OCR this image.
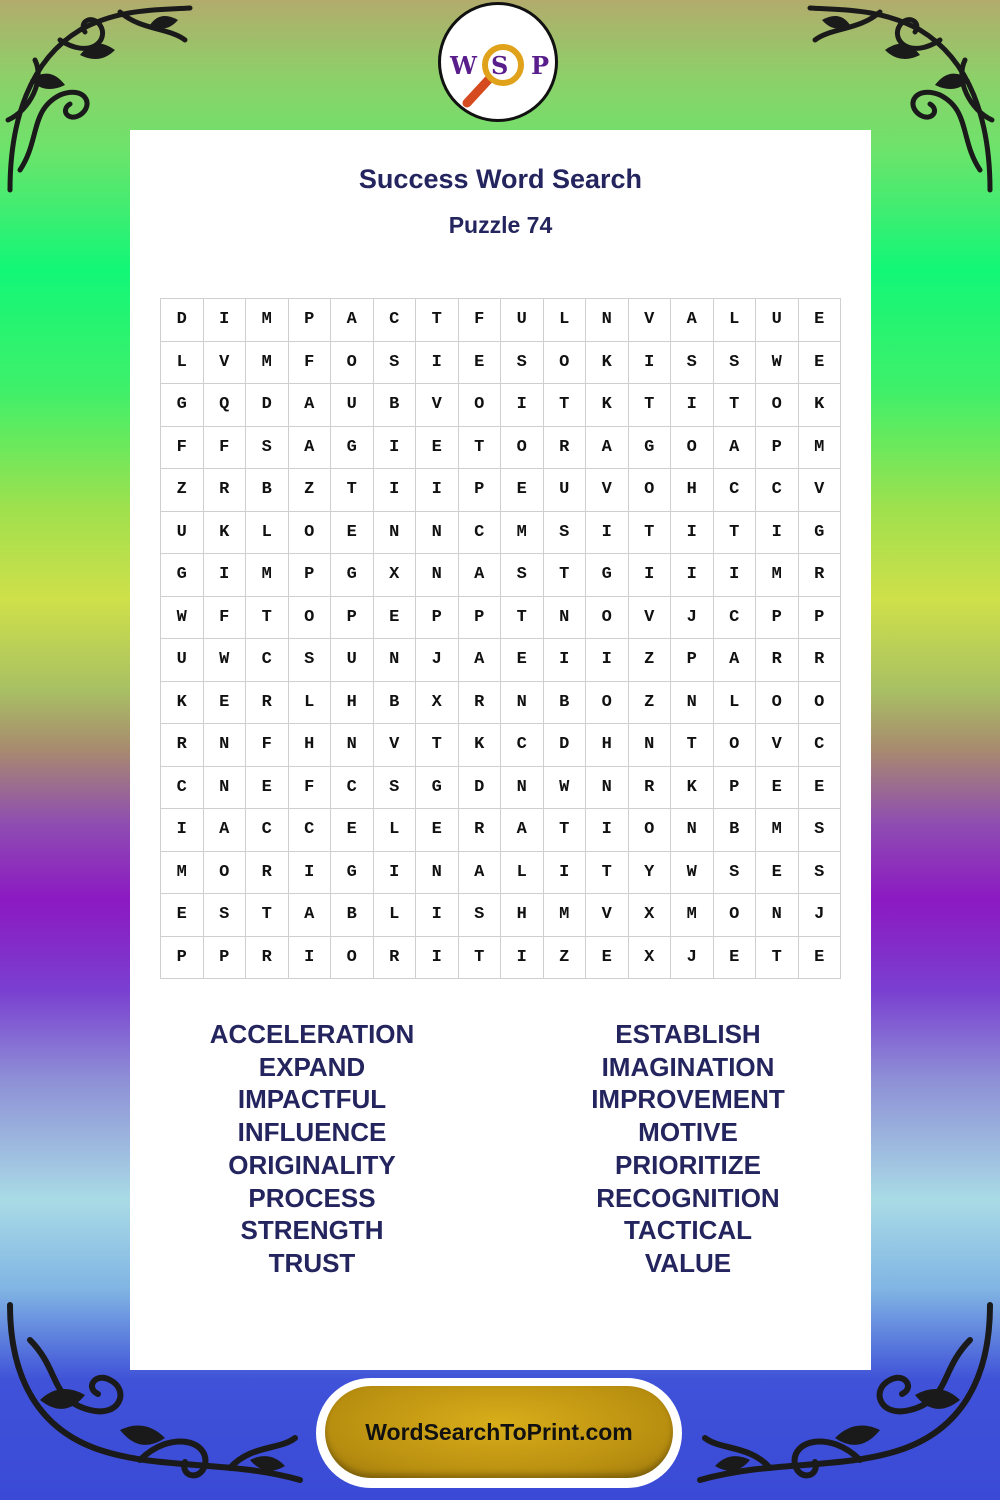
W S P
Success Word Search
Puzzle 74
D	I	M	P	A	C	T	F	U	L	N	V	A	L	U	E
L	V	M	F	O	S	I	E	S	O	K	I	S	S	W	E
G	Q	D	A	U	B	V	O	I	T	K	T	I	T	O	K
F	F	S	A	G	I	E	T	O	R	A	G	O	A	P	M
Z	R	B	Z	T	I	I	P	E	U	V	O	H	C	C	V
U	K	L	O	E	N	N	C	M	S	I	T	I	T	I	G
G	I	M	P	G	X	N	A	S	T	G	I	I	I	M	R
W	F	T	O	P	E	P	P	T	N	O	V	J	C	P	P
U	W	C	S	U	N	J	A	E	I	I	Z	P	A	R	R
K	E	R	L	H	B	X	R	N	B	O	Z	N	L	O	O
R	N	F	H	N	V	T	K	C	D	H	N	T	O	V	C
C	N	E	F	C	S	G	D	N	W	N	R	K	P	E	E
I	A	C	C	E	L	E	R	A	T	I	O	N	B	M	S
M	O	R	I	G	I	N	A	L	I	T	Y	W	S	E	S
E	S	T	A	B	L	I	S	H	M	V	X	M	O	N	J
P	P	R	I	O	R	I	T	I	Z	E	X	J	E	T	E
ACCELERATION
EXPAND
IMPACTFUL
INFLUENCE
ORIGINALITY
PROCESS
STRENGTH
TRUST
ESTABLISH
IMAGINATION
IMPROVEMENT
MOTIVE
PRIORITIZE
RECOGNITION
TACTICAL
VALUE
WordSearchToPrint.com
